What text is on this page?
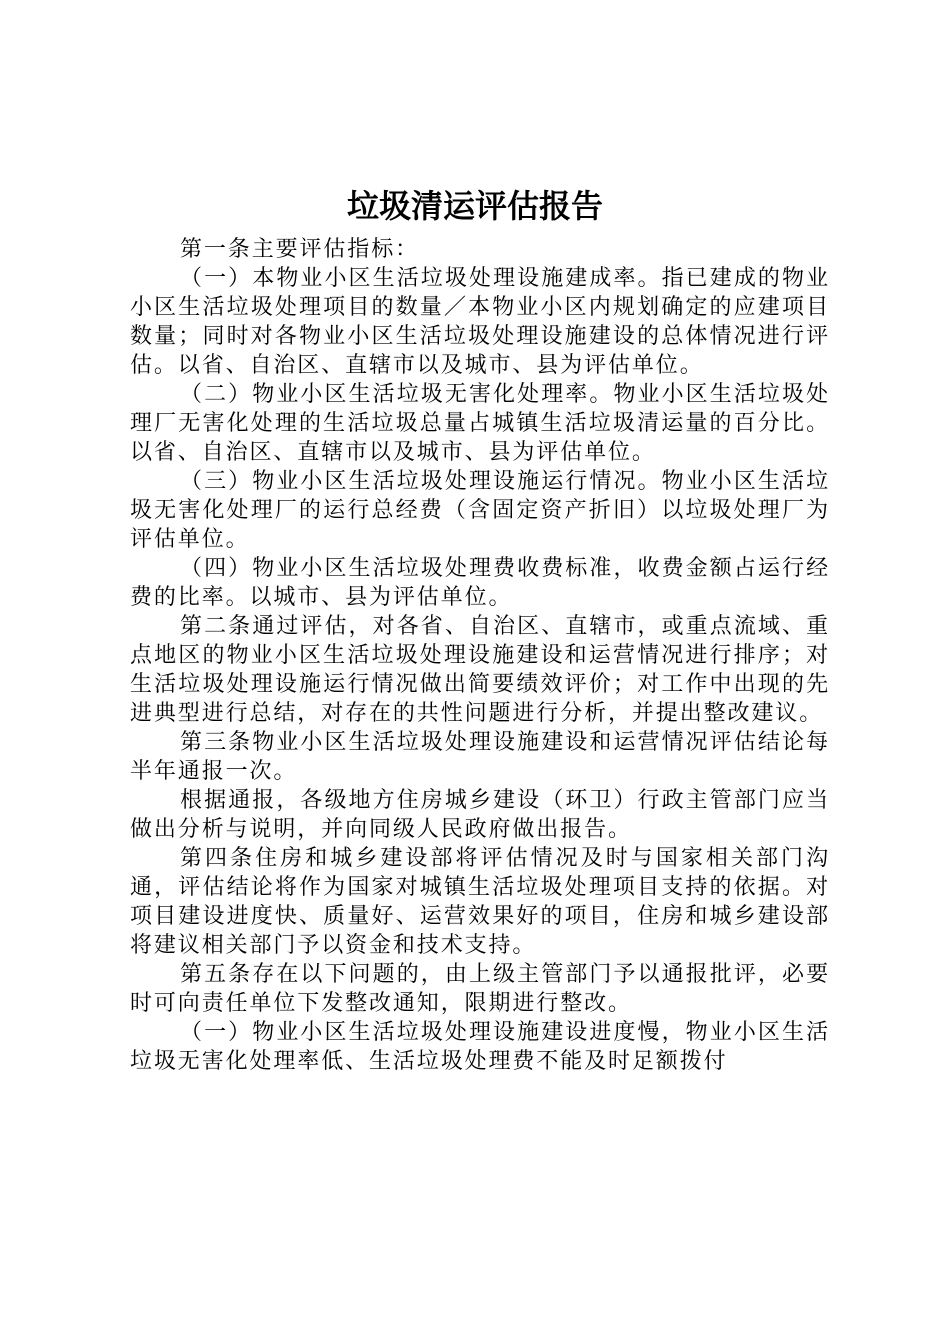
垃圾清运评估报告

第一条主要评估指标：

（一）本物业小区生活垃圾处理设施建成率。指已建成的物业小区生活垃圾处理项目的数量／本物业小区内规划确定的应建项目数量；同时对各物业小区生活垃圾处理设施建设的总体情况进行评估。以省、自治区、直辖市以及城市、县为评估单位。

（二）物业小区生活垃圾无害化处理率。物业小区生活垃圾处理厂无害化处理的生活垃圾总量占城镇生活垃圾清运量的百分比。以省、自治区、直辖市以及城市、县为评估单位。

（三）物业小区生活垃圾处理设施运行情况。物业小区生活垃圾无害化处理厂的运行总经费（含固定资产折旧）以垃圾处理厂为评估单位。

（四）物业小区生活垃圾处理费收费标准，收费金额占运行经费的比率。以城市、县为评估单位。

第二条通过评估，对各省、自治区、直辖市，或重点流域、重点地区的物业小区生活垃圾处理设施建设和运营情况进行排序；对生活垃圾处理设施运行情况做出简要绩效评价；对工作中出现的先进典型进行总结，对存在的共性问题进行分析，并提出整改建议。

第三条物业小区生活垃圾处理设施建设和运营情况评估结论每半年通报一次。

根据通报，各级地方住房城乡建设（环卫）行政主管部门应当做出分析与说明，并向同级人民政府做出报告。

第四条住房和城乡建设部将评估情况及时与国家相关部门沟通，评估结论将作为国家对城镇生活垃圾处理项目支持的依据。对项目建设进度快、质量好、运营效果好的项目，住房和城乡建设部将建议相关部门予以资金和技术支持。

第五条存在以下问题的，由上级主管部门予以通报批评，必要时可向责任单位下发整改通知，限期进行整改。

（一）物业小区生活垃圾处理设施建设进度慢，物业小区生活垃圾无害化处理率低、生活垃圾处理费不能及时足额拨付
